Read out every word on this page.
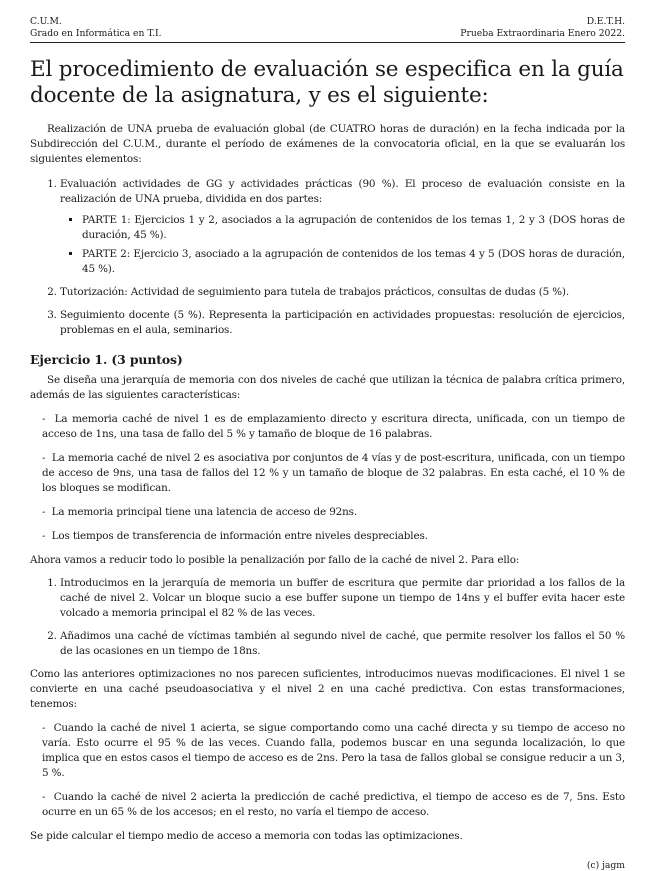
C.U.M.
Grado en Informática en T.I.
D.E.T.H.
Prueba Extraordinaria Enero 2022.
El procedimiento de evaluación se especifica en la guía docente de la asignatura, y es el siguiente:

Realización de UNA prueba de evaluación global (de CUATRO horas de duración) en la fecha indicada por la Subdirección del C.U.M., durante el período de exámenes de la convocatoria oficial, en la que se evaluarán los siguientes elementos:

1. Evaluación actividades de GG y actividades prácticas (90 %). El proceso de evaluación consiste en la realización de UNA prueba, dividida en dos partes:
▪ PARTE 1: Ejercicios 1 y 2, asociados a la agrupación de contenidos de los temas 1, 2 y 3 (DOS horas de duración, 45 %).
▪ PARTE 2: Ejercicio 3, asociado a la agrupación de contenidos de los temas 4 y 5 (DOS horas de duración, 45 %).
2. Tutorización: Actividad de seguimiento para tutela de trabajos prácticos, consultas de dudas (5 %).
3. Seguimiento docente (5 %). Representa la participación en actividades propuestas: resolución de ejercicios, problemas en el aula, seminarios.
Ejercicio 1. (3 puntos)

Se diseña una jerarquía de memoria con dos niveles de caché que utilizan la técnica de palabra crítica primero, además de las siguientes características:

-  La memoria caché de nivel 1 es de emplazamiento directo y escritura directa, unificada, con un tiempo de acceso de 1ns, una tasa de fallo del 5 % y tamaño de bloque de 16 palabras.

-  La memoria caché de nivel 2 es asociativa por conjuntos de 4 vías y de post-escritura, unificada, con un tiempo de acceso de 9ns, una tasa de fallos del 12 % y un tamaño de bloque de 32 palabras. En esta caché, el 10 % de los bloques se modifican.

-  La memoria principal tiene una latencia de acceso de 92ns.

-  Los tiempos de transferencia de información entre niveles despreciables.

Ahora vamos a reducir todo lo posible la penalización por fallo de la caché de nivel 2. Para ello:

1. Introducimos en la jerarquía de memoria un buffer de escritura que permite dar prioridad a los fallos de la caché de nivel 2. Volcar un bloque sucio a ese buffer supone un tiempo de 14ns y el buffer evita hacer este volcado a memoria principal el 82 % de las veces.
2. Añadimos una caché de víctimas también al segundo nivel de caché, que permite resolver los fallos el 50 % de las ocasiones en un tiempo de 18ns.

Como las anteriores optimizaciones no nos parecen suficientes, introducimos nuevas modificaciones. El nivel 1 se convierte en una caché pseudoasociativa y el nivel 2 en una caché predictiva. Con estas transformaciones, tenemos:

-  Cuando la caché de nivel 1 acierta, se sigue comportando como una caché directa y su tiempo de acceso no varía. Esto ocurre el 95 % de las veces. Cuando falla, podemos buscar en una segunda localización, lo que implica que en estos casos el tiempo de acceso es de 2ns. Pero la tasa de fallos global se consigue reducir a un 3, 5 %.

-  Cuando la caché de nivel 2 acierta la predicción de caché predictiva, el tiempo de acceso es de 7, 5ns. Esto ocurre en un 65 % de los accesos; en el resto, no varía el tiempo de acceso.

Se pide calcular el tiempo medio de acceso a memoria con todas las optimizaciones.

(c) jagm
